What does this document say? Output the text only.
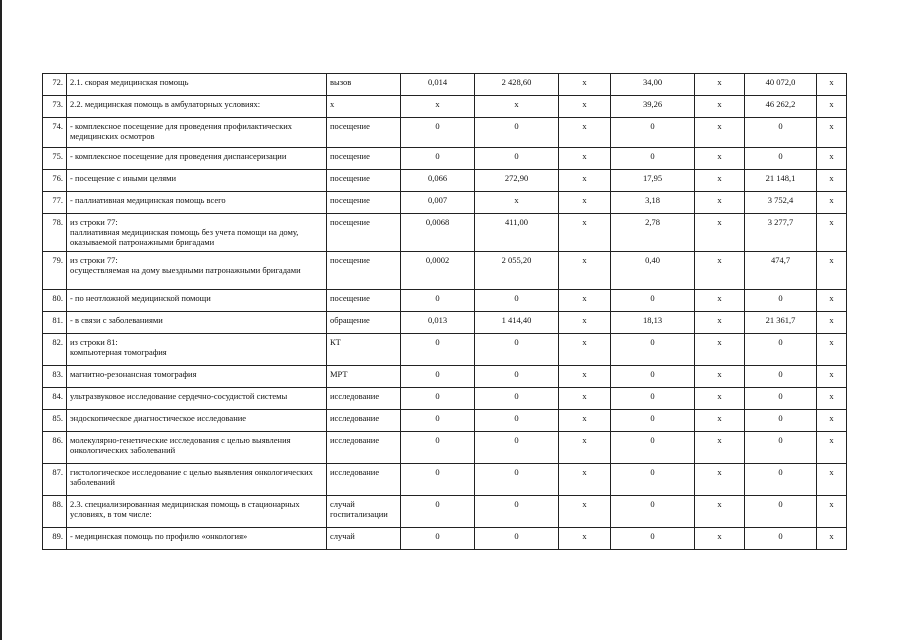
72.	2.1. скорая медицинская помощь	вызов	0,014	2 428,60	х	34,00	х	40 072,0	х
73.	2.2. медицинская помощь в амбулаторных условиях:	х	х	х	х	39,26	х	46 262,2	х
74.	- комплексное посещение для проведения профилактических медицинских осмотров	посещение	0	0	х	0	х	0	х
75.	- комплексное посещение для проведения диспансеризации	посещение	0	0	х	0	х	0	х
76.	- посещение с иными целями	посещение	0,066	272,90	х	17,95	х	21 148,1	х
77.	- паллиативная медицинская помощь всего	посещение	0,007	х	х	3,18	х	3 752,4	х
78.	из строки 77:
паллиативная медицинская помощь без учета помощи на дому, оказываемой патронажными бригадами	посещение	0,0068	411,00	х	2,78	х	3 277,7	х
79.	из строки 77:
осуществляемая на дому выездными патронажными бригадами	посещение	0,0002	2 055,20	х	0,40	х	474,7	х
80.	- по неотложной медицинской помощи	посещение	0	0	х	0	х	0	х
81.	- в связи с заболеваниями	обращение	0,013	1 414,40	х	18,13	х	21 361,7	х
82.	из строки 81:
компьютерная томография	КТ	0	0	х	0	х	0	х
83.	магнитно-резонансная томография	МРТ	0	0	х	0	х	0	х
84.	ультразвуковое исследование сердечно-сосудистой системы	исследование	0	0	х	0	х	0	х
85.	эндоскопическое диагностическое исследование	исследование	0	0	х	0	х	0	х
86.	молекулярно-генетические исследования с целью выявления онкологических заболеваний	исследование	0	0	х	0	х	0	х
87.	гистологическое исследование с целью выявления онкологических заболеваний	исследование	0	0	х	0	х	0	х
88.	2.3. специализированная медицинская помощь в стационарных условиях, в том числе:	случай госпитализации	0	0	х	0	х	0	х
89.	- медицинская помощь по профилю «онкология»	случай	0	0	х	0	х	0	х
